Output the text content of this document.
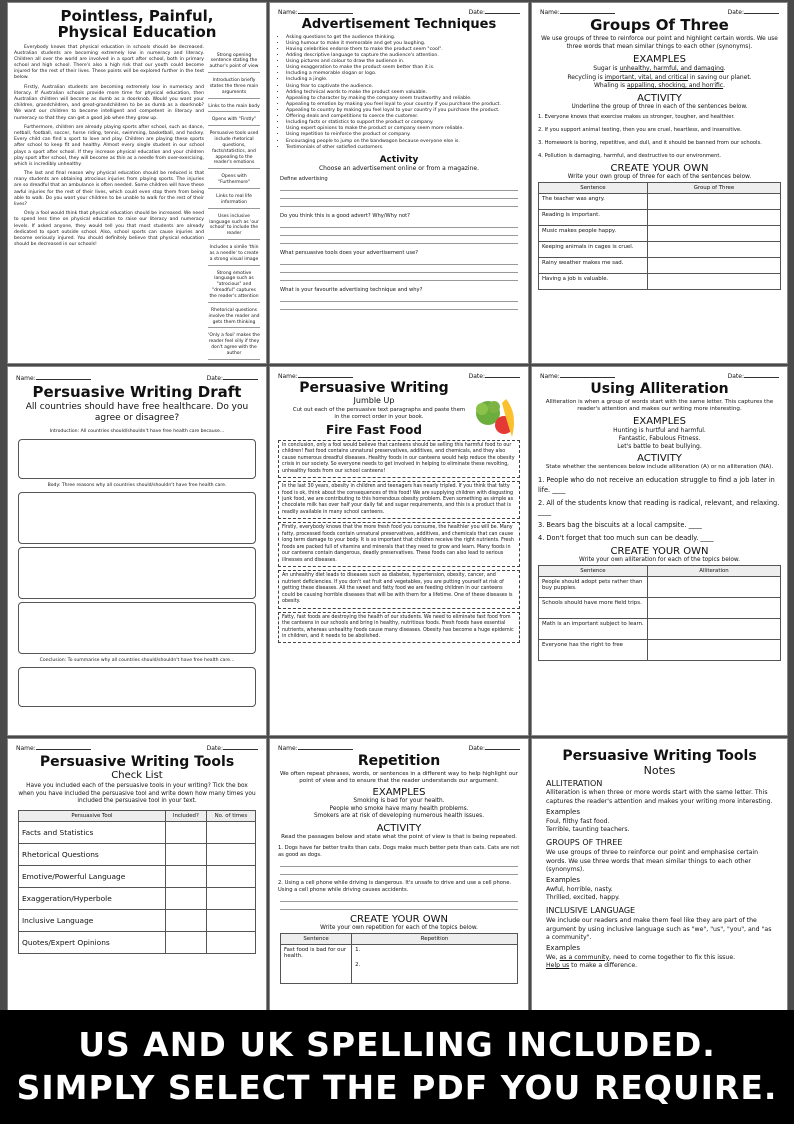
Pointless, Painful, Physical Education

Everybody knows that physical education in schools should be decreased. Australian students are becoming extremely low in numeracy and literacy. Children all over the world are involved in a sport after school, both in primary school and high school. There's also a high risk that our youth could become injured for the rest of their lives. These points will be explored further in the text below.

Firstly, Australian students are becoming extremely low in numeracy and literacy. If Australian schools provide more time for physical education, then Australian children will become as dumb as a doorknob. Would you want your children, grandchildren, and great-grandchildren to be as dumb as a doorknob? We want our children to become intelligent and competent in literacy and numeracy so that they can get a good job when they grow up.

Furthermore, children are already playing sports after school, such as dance, netball, football, soccer, horse riding, tennis, swimming, basketball, and hockey. Every child can find a sport to love and play. Children are playing these sports after school to keep fit and healthy. Almost every single student in our school plays a sport after school. If they increase physical education and your children play sport after school, they will become as thin as a needle from over-exercising, which is incredibly unhealthy.

The last and final reason why physical education should be reduced is that many students are obtaining atrocious injuries from playing sports. The injuries are so dreadful that an ambulance is often needed. Some children will have these awful injuries for the rest of their lives, which could even stop them from being able to walk. Do you want your children to be unable to walk for the rest of their lives?

Only a fool would think that physical education should be increased. We need to spend less time on physical education to raise our literacy and numeracy levels. If asked anyone, they would tell you that most students are already dedicated to sport outside school. Also, school sports can cause injuries and become seriously injured. You should definitely believe that physical education should be decreased in our schools!

Strong opening sentence stating the author's point of view
Introduction briefly states the three main arguments
Links to the main body
Opens with "Firstly"
Persuasive tools used include rhetorical questions, facts/statistics, and appealing to the reader's emotions
Opens with "Furthermore"
Links to real life information
Uses inclusive language such as 'our school' to include the reader
Includes a simile 'thin as a needle' to create a strong visual image
Strong emotive language such as "atrocious" and "dreadful" captures the reader's attention
Rhetorical questions involve the reader and gets them thinking
'Only a fool' makes the reader feel silly if they don't agree with the author
Name:	Date:
Advertisement Techniques
• Asking questions to get the audience thinking.
• Using humour to make it memorable and get you laughing.
• Having celebrities endorse them to make the product seem "cool".
• Adding descriptive language to capture the audience's attention.
• Using pictures and colour to draw the audience in.
• Using exaggeration to make the product seem better than it is.
• Including a memorable slogan or logo.
• Including a jingle.
• Using fear to captivate the audience.
• Adding technical words to make the product seem valuable.
• Appealing to character by making the company seem trustworthy and reliable.
• Appealing to emotion by making you feel loyal to your country if you purchase the product.
• Appealing to country by making you feel loyal to your country if you purchase the product.
• Offering deals and competitions to coerce the customer.
• Including facts or statistics to support the product or company.
• Using expert opinions to make the product or company seem more reliable.
• Using repetition to reinforce the product or company.
• Encouraging people to jump on the bandwagon because everyone else is.
• Testimonials of other satisfied customers.
Activity
Choose an advertisement online or from a magazine.
Define advertising
Do you think this is a good advert? Why/Why not?
What persuasive tools does your advertisement use?
What is your favourite advertising technique and why?
Name:	Date:
Groups Of Three
We use groups of three to reinforce our point and highlight certain words. We use three words that mean similar things to each other (synonyms).
EXAMPLES
Sugar is unhealthy, harmful, and damaging.
Recycling is important, vital, and critical in saving our planet.
Whaling is appalling, shocking, and horrific.
ACTIVITY
Underline the group of three in each of the sentences below.
1. Everyone knows that exercise makes us stronger, tougher, and healthier.
2. If you support animal testing, then you are cruel, heartless, and insensitive.
3. Homework is boring, repetitive, and dull, and it should be banned from our schools.
4. Pollution is damaging, harmful, and destructive to our environment.
CREATE YOUR OWN
Write your own group of three for each of the sentences below.
Sentence	Group of Three
The teacher was angry.	
Reading is important.	
Music makes people happy.	
Keeping animals in cages is cruel.	
Rainy weather makes me sad.	
Having a job is valuable.	
Name:	Date:
Persuasive Writing Draft
All countries should have free healthcare. Do you agree or disagree?
Introduction: All countries should/shouldn't have free health care because...
Body: Three reasons why all countries should/shouldn't have free health care.
Conclusion: To summarise why all countries should/shouldn't have free health care...
Name:	Date:
Persuasive Writing
Jumble Up
Cut out each of the persuasive text paragraphs and paste them in the correct order in your book.
Fire Fast Food
In conclusion, only a fool would believe that canteens should be selling this harmful food to our children! Fast food contains unnatural preservatives, additives, and chemicals, and they also cause numerous dreadful diseases. Healthy foods in our canteens would help reduce the obesity crisis in our society. So everyone needs to get involved in helping to eliminate these revolting, unhealthy foods from our school canteens!
In the last 30 years, obesity in children and teenagers has nearly tripled. If you think that fatty food is ok, think about the consequences of this food! We are supplying children with disgusting junk food, we are contributing to this horrendous obesity problem. Even something as simple as chocolate milk has over half your daily fat and sugar requirements, and this is a product that is readily available in many school canteens.
Firstly, everybody knows that the more fresh food you consume, the healthier you will be. Many fatty, processed foods contain unnatural preservatives, additives, and chemicals that can cause long term damage to your body. It is so important that children receive the right nutrients. Fresh foods are packed full of vitamins and minerals that they need to grow and learn. Many foods in our canteens contain dangerous, deadly preservatives. These foods can also lead to serious illnesses and diseases.
An unhealthy diet leads to diseases such as diabetes, hypertension, obesity, cancer, and nutrient deficiencies. If you don't eat fruit and vegetables, you are putting yourself at risk of getting these diseases. All the sweet and fatty food we are feeding children in our canteens could be causing horrible diseases that will be with them for a lifetime. One of these diseases is obesity.
Fatty, fast foods are destroying the health of our students. We need to eliminate fast food from the canteens in our schools and bring in healthy, nutritious foods. Fresh foods have essential nutrients, whereas unhealthy foods cause many diseases. Obesity has become a huge epidemic in children, and it needs to be abolished.
Name:	Date:
Using Alliteration
Alliteration is when a group of words start with the same letter. This captures the reader's attention and makes our writing more interesting.
EXAMPLES
Hunting is hurtful and harmful.
Fantastic, Fabulous Fitness.
Let's battle to beat bullying.
ACTIVITY
State whether the sentences below include alliteration (A) or no alliteration (NA).
1. People who do not receive an education struggle to find a job later in life. ____
2. All of the students know that reading is radical, relevant, and relaxing. ____
3. Bears bag the biscuits at a local campsite. ____
4. Don't forget that too much sun can be deadly. ____
CREATE YOUR OWN
Write your own alliteration for each of the topics below.
Sentence	Alliteration
People should adopt pets rather than buy puppies.	
Schools should have more field trips.	
Math is an important subject to learn.	
Everyone has the right to free	
Name:	Date:
Persuasive Writing Tools
Check List
Have you included each of the persuasive tools in your writing? Tick the box when you have included the persuasive tool and write down how many times you included the persuasive tool in your text.
Persuasive Tool	Included?	No. of times
Facts and Statistics		
Rhetorical Questions		
Emotive/Powerful Language		
Exaggeration/Hyperbole		
Inclusive Language		
Quotes/Expert Opinions		
Name:	Date:
Repetition
We often repeat phrases, words, or sentences in a different way to help highlight our point of view and to ensure that the reader understands our argument.
EXAMPLES
Smoking is bad for your health.
People who smoke have many health problems.
Smokers are at risk of developing numerous health issues.
ACTIVITY
Read the passages below and state what the point of view is that is being repeated.
1. Dogs have far better traits than cats. Dogs make much better pets than cats. Cats are not as good as dogs.
2. Using a cell phone while driving is dangerous. It's unsafe to drive and use a cell phone. Using a cell phone while driving causes accidents.
CREATE YOUR OWN
Write your own repetition for each of the topics below.
Sentence	Repetition
Fast food is bad for our health.	1.
2.
Persuasive Writing Tools
Notes
ALLITERATION
Alliteration is when three or more words start with the same letter. This captures the reader's attention and makes your writing more interesting.
Examples
Foul, filthy fast food.
Terrible, taunting teachers.
GROUPS OF THREE
We use groups of three to reinforce our point and emphasise certain words. We use three words that mean similar things to each other (synonyms).
Examples
Awful, horrible, nasty.
Thrilled, excited, happy.
INCLUSIVE LANGUAGE
We include our readers and make them feel like they are part of the argument by using inclusive language such as "we", "us", "you", and "as a community".
Examples
We, as a community, need to come together to fix this issue.
Help us to make a difference.
US AND UK SPELLING INCLUDED.
SIMPLY SELECT THE PDF YOU REQUIRE.
